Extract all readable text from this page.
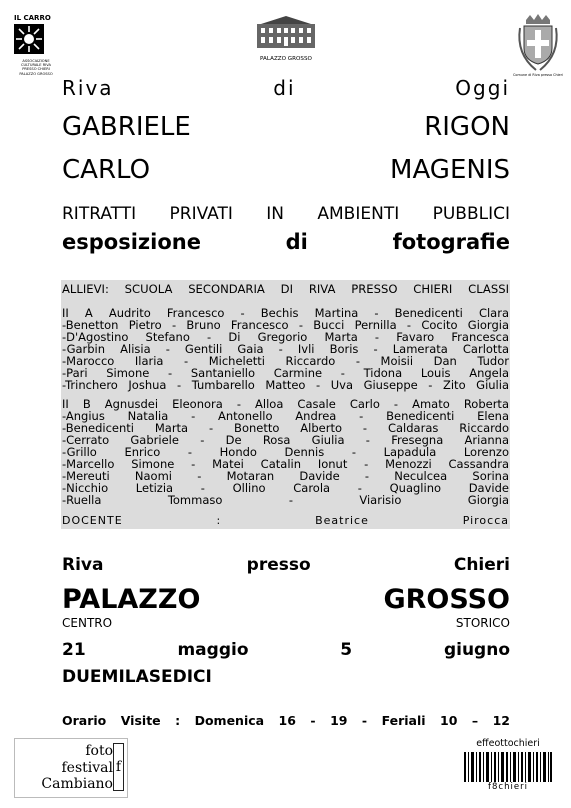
IL CARRO
ASSOCIAZIONE CULTURALE RIVA PRESSO CHIERI PALAZZO GROSSO
PALAZZO GROSSO
Comune di Riva presso Chieri
Riva di Oggi
GABRIELE RIGON
CARLO MAGENIS
RITRATTI PRIVATI IN AMBIENTI PUBBLICI
esposizione di fotografie
ALLIEVI: SCUOLA SECONDARIA DI RIVA PRESSO CHIERI CLASSI
II A Audrito Francesco - Bechis Martina - Benedicenti Clara
-Benetton Pietro - Bruno Francesco - Bucci Pernilla - Cocito Giorgia
-D'Agostino Stefano - Di Gregorio Marta - Favaro Francesca
-Garbin Alisia - Gentili Gaia - Ivli Boris - Lamerata Carlotta
-Marocco Ilaria - Micheletti Riccardo - Moisii Dan Tudor
-Pari Simone - Santaniello Carmine - Tidona Louis Angela
-Trinchero Joshua - Tumbarello Matteo - Uva Giuseppe - Zito Giulia
II B Agnusdei Eleonora - Alloa Casale Carlo - Amato Roberta
-Angius Natalia - Antonello Andrea - Benedicenti Elena
-Benedicenti Marta - Bonetto Alberto - Caldaras Riccardo
-Cerrato Gabriele - De Rosa Giulia - Fresegna Arianna
-Grillo Enrico - Hondo Dennis - Lapadula Lorenzo
-Marcello Simone - Matei Catalin Ionut - Menozzi Cassandra
-Mereuti Naomi - Motaran Davide - Neculcea Sorina
-Nicchio Letizia - Ollino Carola - Quaglino Davide
-Ruella Tommaso - Viarisio Giorgia
DOCENTE :	Beatrice Pirocca
Riva presso Chieri
PALAZZO GROSSO
CENTRO STORICO
21 maggio 5 giugno
DUEMILASEDICI
Orario Visite : Domenica 16 - 19 - Feriali 10 – 12
foto
festival
Cambiano
f
effeottochieri
f8chieri
